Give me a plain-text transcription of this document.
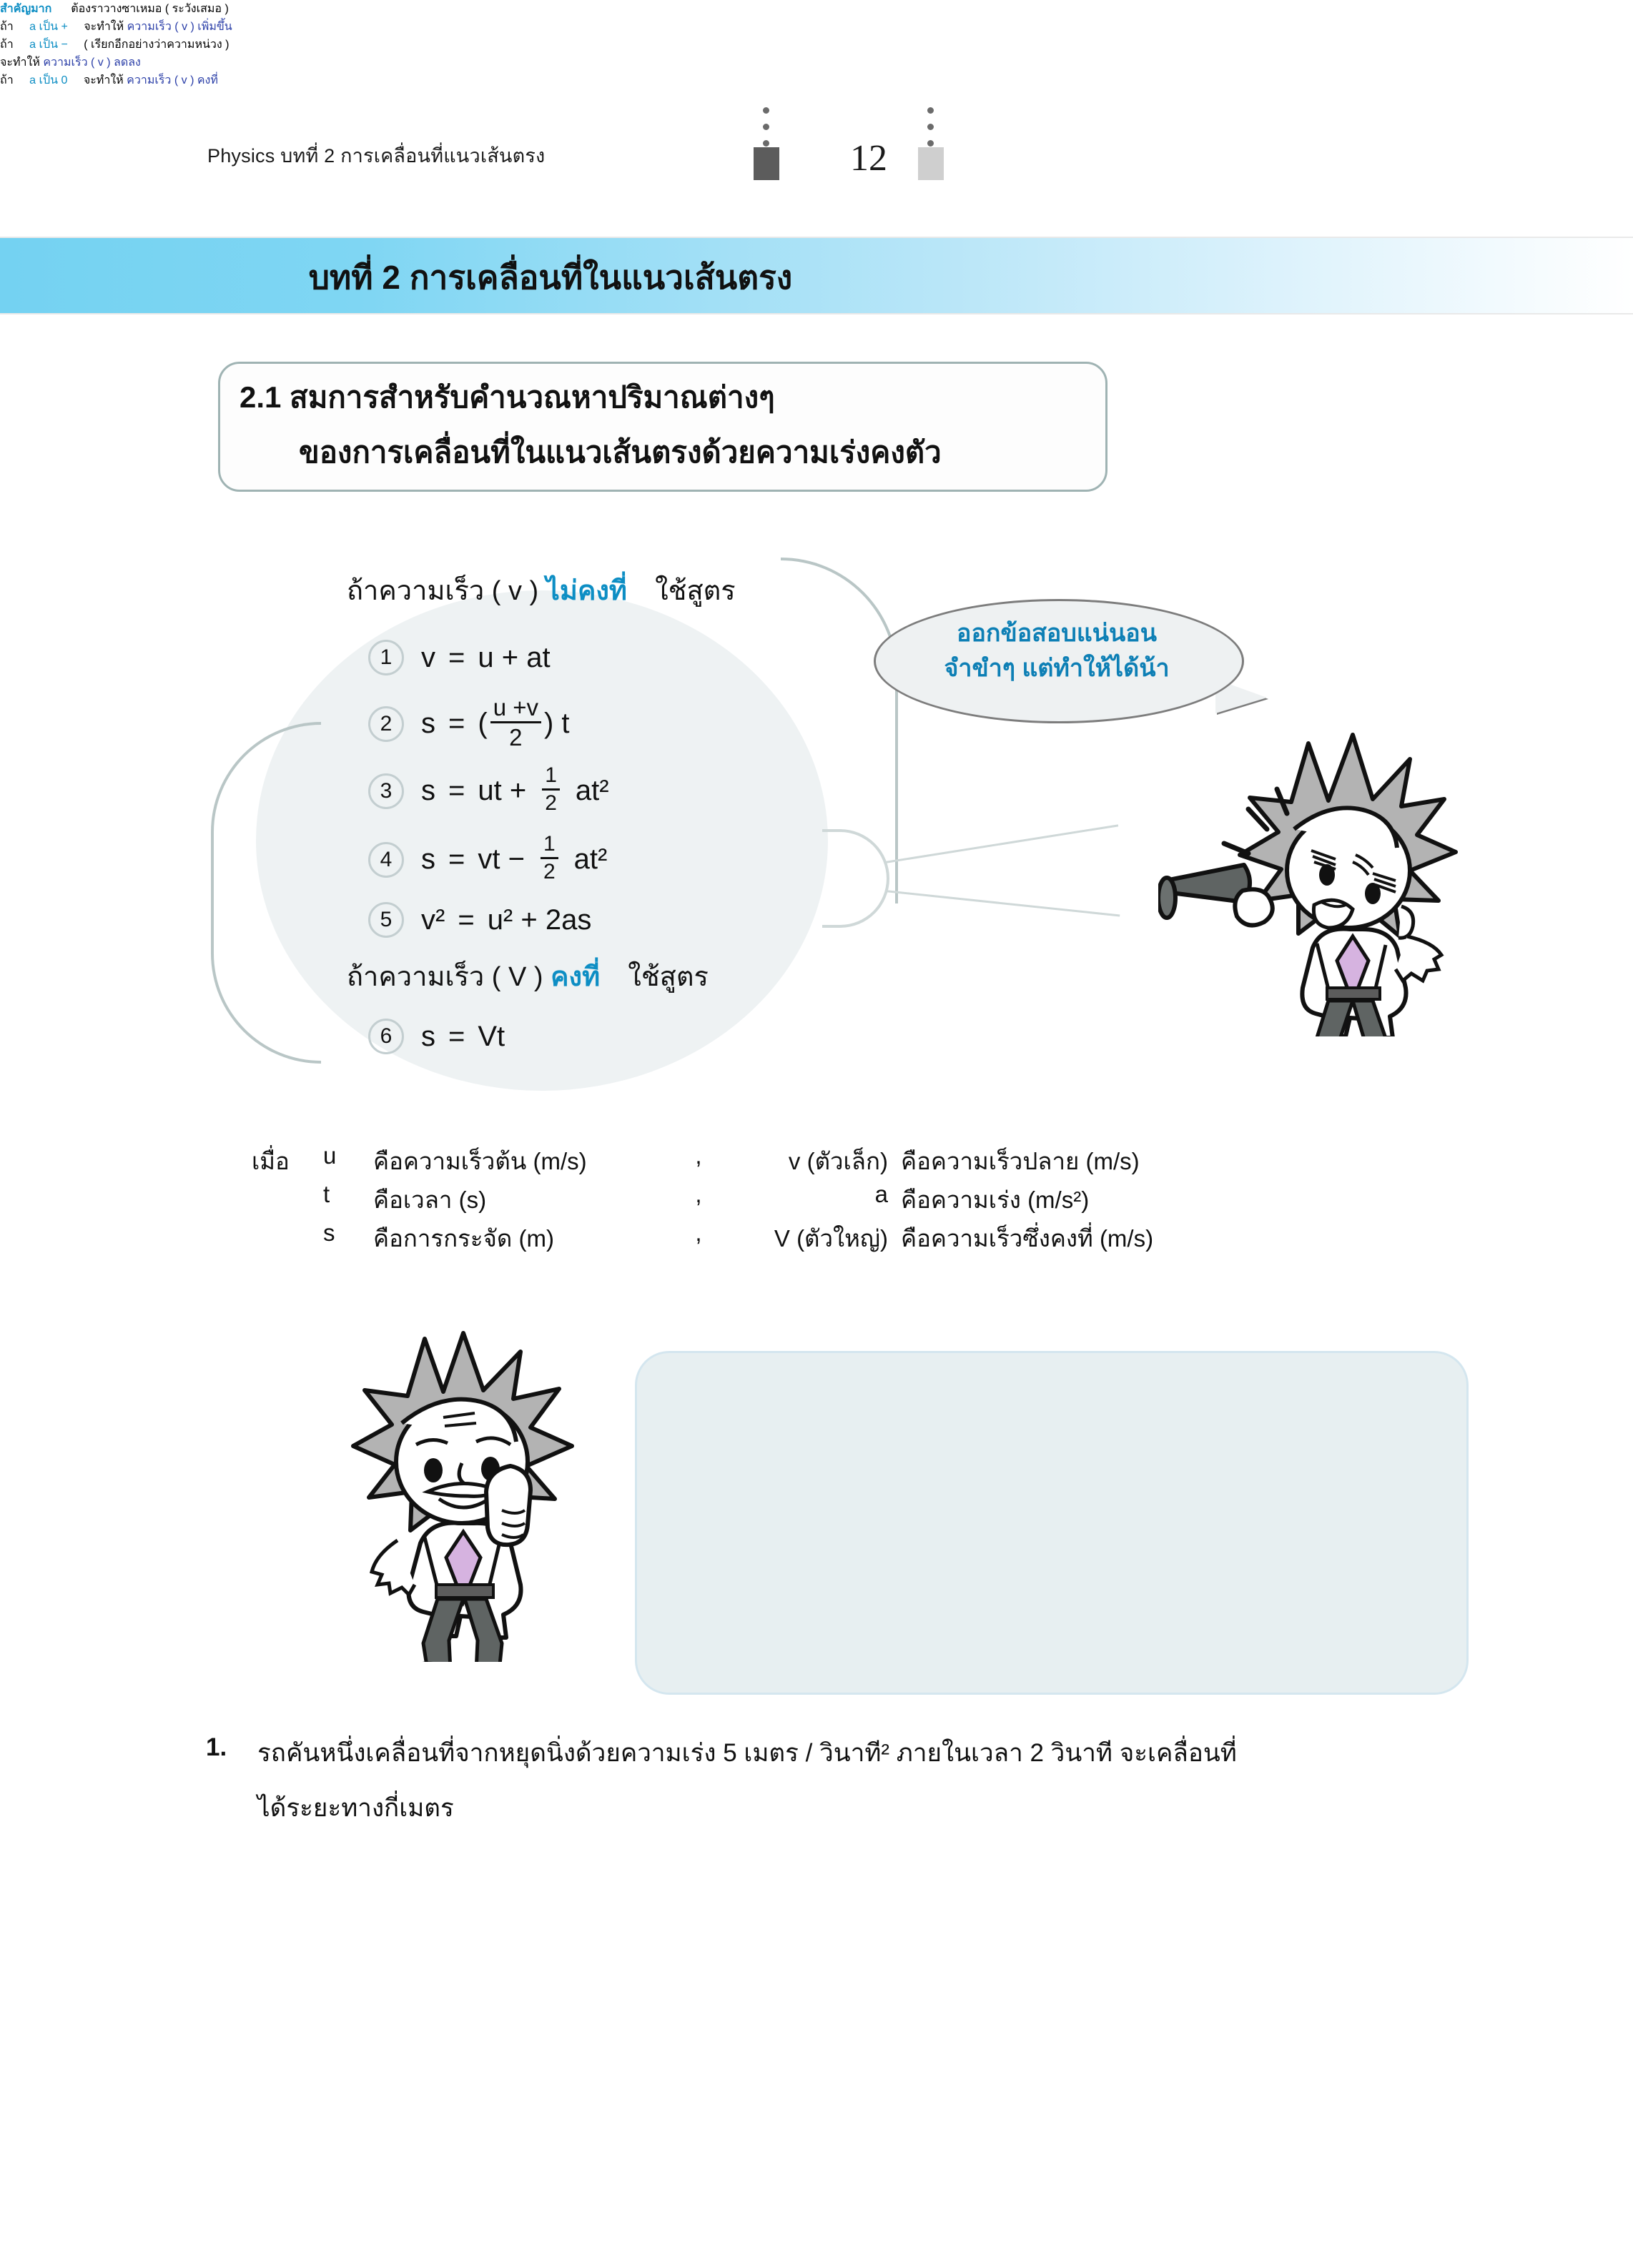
Physics บทที่ 2 การเคลื่อนที่แนวเส้นตรง	12
บทที่ 2 การเคลื่อนที่ในแนวเส้นตรง
2.1 สมการสำหรับคำนวณหาปริมาณต่างๆ
ของการเคลื่อนที่ในแนวเส้นตรงด้วยความเร่งคงตัว
ถ้าความเร็ว ( v ) ไม่คงที่ ใช้สูตร
ถ้าความเร็ว ( V ) คงที่ ใช้สูตร
1	v = u + at
2	s = ( $\frac{u +v}{2}$ ) t
3	s = ut + $\frac{1}{2} at^2$
4	s = vt − $\frac{1}{2} at^2$
5	v² = u² + 2as
6	s = Vt
ออกข้อสอบแน่นอน
จำขำๆ แต่ทำให้ได้น้า
เมื่อ	u	คือความเร็วต้น (m/s)	,	v (ตัวเล็ก) คือความเร็วปลาย (m/s)
t	คือเวลา (s)	,	a คือความเร่ง (m/s²)
s	คือการกระจัด (m)	,	V (ตัวใหญ่) คือความเร็วซึ่งคงที่ (m/s)
สำคัญมาก ต้องราวางซาเหมอ ( ระวังเสมอ )
ถ้า a เป็น + จะทำให้ ความเร็ว ( v ) เพิ่มขึ้น
ถ้า a เป็น − ( เรียกอีกอย่างว่าความหน่วง )
จะทำให้ ความเร็ว ( v ) ลดลง
ถ้า a เป็น 0 จะทำให้ ความเร็ว ( v ) คงที่
1. รถคันหนึ่งเคลื่อนที่จากหยุดนิ่งด้วยความเร่ง 5 เมตร / วินาที² ภายในเวลา 2 วินาที จะเคลื่อนที่
ได้ระยะทางกี่เมตร
